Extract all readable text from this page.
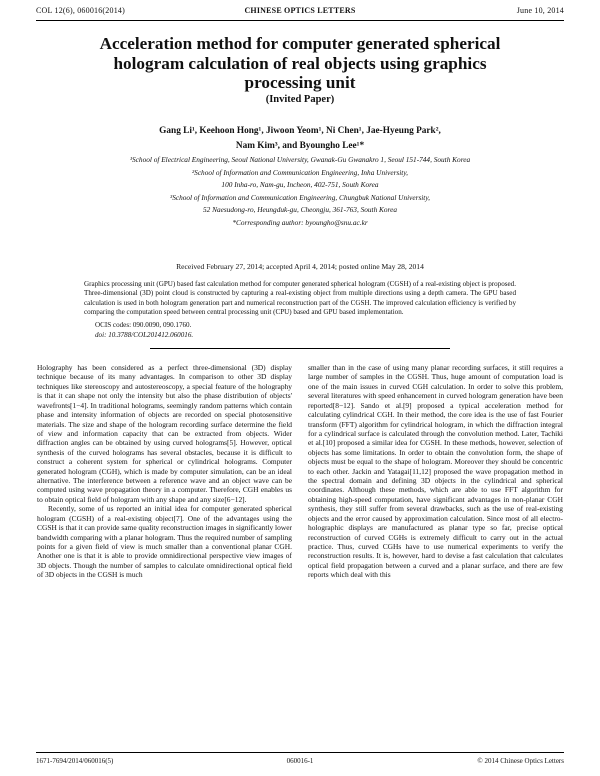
COL 12(6), 060016(2014)	CHINESE OPTICS LETTERS	June 10, 2014
Acceleration method for computer generated spherical
hologram calculation of real objects using graphics
processing unit
(Invited Paper)
Gang Li¹, Keehoon Hong¹, Jiwoon Yeom¹, Ni Chen¹, Jae-Hyeung Park²,
Nam Kim³, and Byoungho Lee¹*
¹School of Electrical Engineering, Seoul National University, Gwanak-Gu Gwanakro 1, Seoul 151-744, South Korea
²School of Information and Communication Engineering, Inha University,
100 Inha-ro, Nam-gu, Incheon, 402-751, South Korea
³School of Information and Communication Engineering, Chungbuk National University,
52 Naesudong-ro, Heungduk-gu, Cheongju, 361-763, South Korea
*Corresponding author: byoungho@snu.ac.kr
Received February 27, 2014; accepted April 4, 2014; posted online May 28, 2014
Graphics processing unit (GPU) based fast calculation method for computer generated spherical hologram (CGSH) of a real-existing object is proposed. Three-dimensional (3D) point cloud is constructed by capturing a real-existing object from multiple directions using a depth camera. The GPU based calculation is used in both hologram generation part and numerical reconstruction part of the CGSH. The improved calculation efficiency is verified by comparing the computation speed between central processing unit (CPU) based and GPU based implementation.
OCIS codes: 090.0090, 090.1760.
doi: 10.3788/COL201412.060016.

Holography has been considered as a perfect three-dimensional (3D) display technique because of its many advantages. In comparison to other 3D display techniques like stereoscopy and autostereoscopy, a special feature of the holography is that it can shape not only the intensity but also the phase distribution of objects' wavefronts[1−4]. In traditional holograms, seemingly random patterns which contain phase and intensity information of objects are recorded on special photosensitive materials. The size and shape of the hologram recording surface determine the field of view and information capacity that can be extracted from objects. Wider diffraction angles can be obtained by using curved holograms[5]. However, optical synthesis of the curved holograms has several obstacles, because it is difficult to construct a coherent system for spherical or cylindrical holograms. Computer generated hologram (CGH), which is made by computer simulation, can be an ideal alternative. The interference between a reference wave and an object wave can be computed using wave propagation theory in a computer. Therefore, CGH enables us to obtain optical field of hologram with any shape and any size[6−12].

Recently, some of us reported an initial idea for computer generated spherical hologram (CGSH) of a real-existing object[7]. One of the advantages using the CGSH is that it can provide same quality reconstruction images in significantly lower bandwidth comparing with a planar hologram. Thus the required number of sampling points for a given field of view is much smaller than a conventional planar CGH. Another one is that it is able to provide omnidirectional perspective view images of 3D objects. Though the number of samples to calculate omnidirectional optical field of 3D objects in the CGSH is much

smaller than in the case of using many planar recording surfaces, it still requires a large number of samples in the CGSH. Thus, huge amount of computation load is one of the main issues in curved CGH calculation. In order to solve this problem, several literatures with speed enhancement in curved hologram generation have been reported[8−12]. Sando et al.[9] proposed a typical acceleration method for calculating cylindrical CGH. In their method, the core idea is the use of fast Fourier transform (FFT) algorithm for cylindrical hologram, in which the diffraction integral for a cylindrical surface is calculated through the convolution method. Later, Tachiki et al.[10] proposed a similar idea for CGSH. In these methods, however, selection of objects has some limitations. In order to obtain the convolution form, the shape of objects must be equal to the shape of hologram. Moreover they should be concentric to each other. Jackin and Yatagai[11,12] proposed the wave propagation method in the spectral domain and defining 3D objects in the cylindrical and spherical coordinates. Although these methods, which are able to use FFT algorithm for obtaining high-speed computation, have significant advantages in non-planar CGH synthesis, they still suffer from several drawbacks, such as the use of real-existing objects and the error caused by approximation calculation. Since most of all electro-holographic displays are manufactured as planar type so far, precise optical reconstruction of curved CGHs is extremely difficult to carry out in the actual practice. Thus, curved CGHs have to use numerical experiments to verify the reconstruction results. It is, however, hard to devise a fast calculation that calculates optical field propagation between a curved and a planar surface, and there are few reports which deal with this

1671-7694/2014/060016(5)	060016-1	© 2014 Chinese Optics Letters
